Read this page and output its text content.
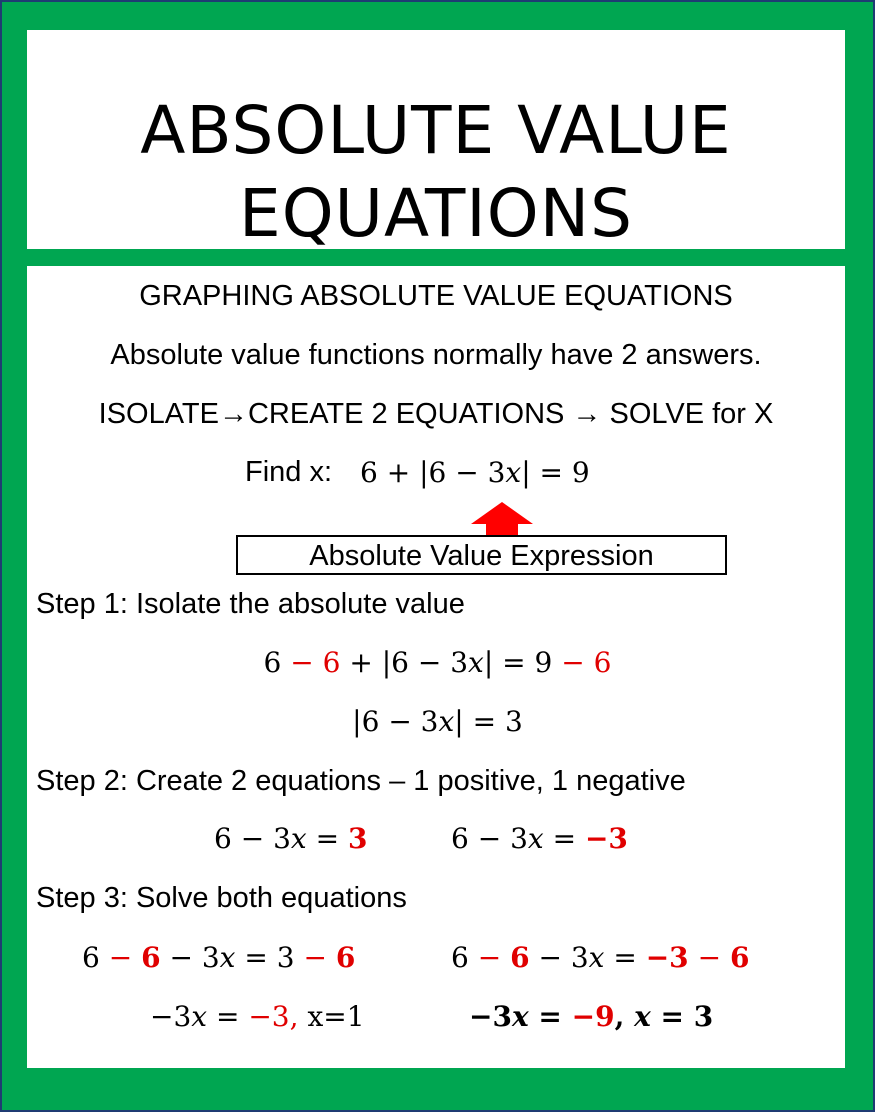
ABSOLUTE VALUE
EQUATIONS
GRAPHING ABSOLUTE VALUE EQUATIONS
Absolute value functions normally have 2 answers.
ISOLATE→CREATE 2 EQUATIONS → SOLVE for X
Find x: 6 + |6 − 3x| = 9
Absolute Value Expression
Step 1: Isolate the absolute value
6 − 6 + |6 − 3x| = 9 − 6
|6 − 3x| = 3
Step 2: Create 2 equations – 1 positive, 1 negative
6 − 3x = 3	6 − 3x = −3
Step 3: Solve both equations
6 − 6 − 3x = 3 − 6	6 − 6 − 3x = −3 − 6
−3x = −3, x=1	−3x = −9, x = 3
